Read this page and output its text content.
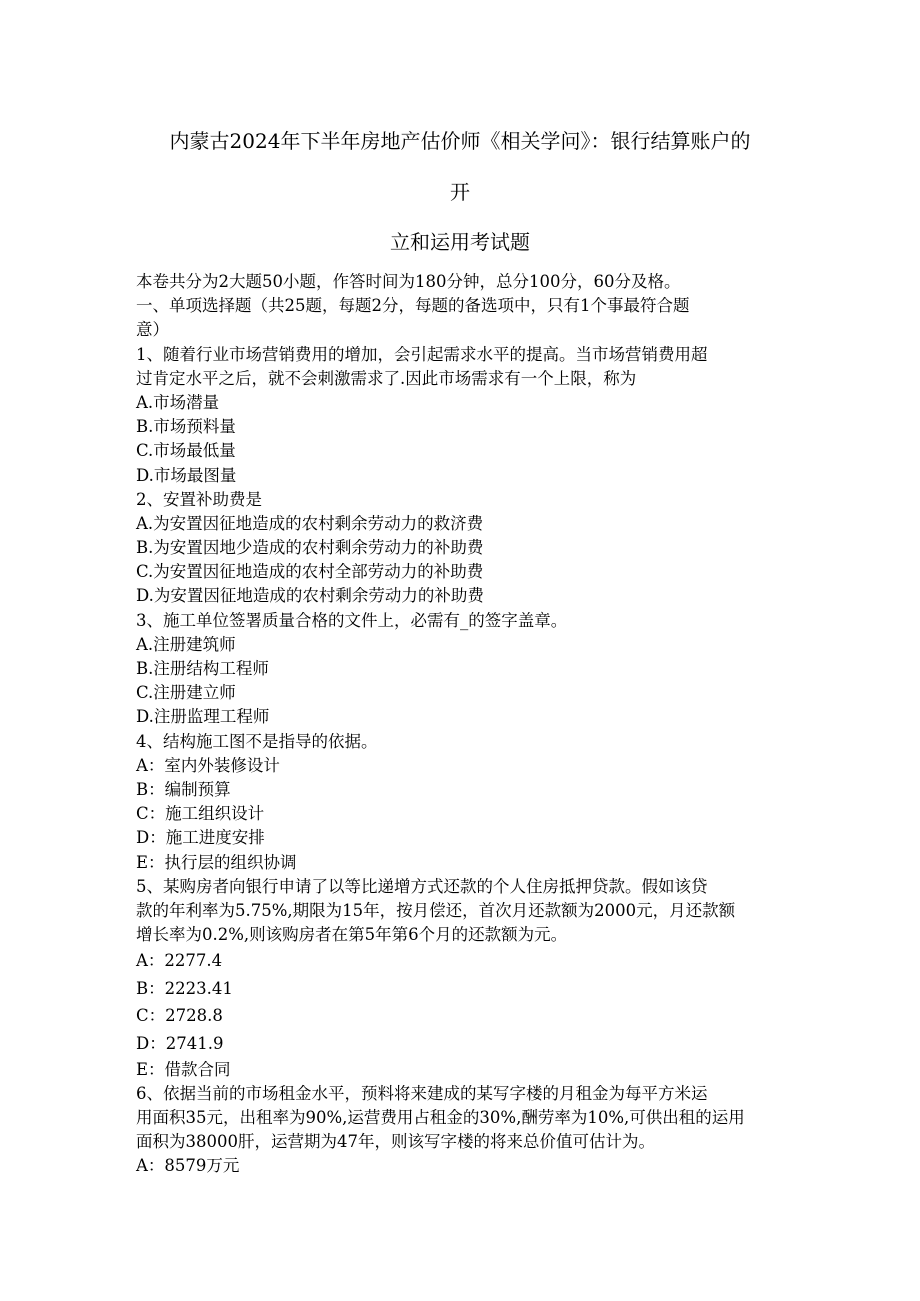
内蒙古2024年下半年房地产估价师《相关学问》：银行结算账户的
开
立和运用考试题
本卷共分为2大题50小题，作答时间为180分钟，总分100分，60分及格。
一、单项选择题（共25题，每题2分，每题的备选项中，只有1个事最符合题
意）
1、随着行业市场营销费用的增加，会引起需求水平的提高。当市场营销费用超
过肯定水平之后，就不会刺激需求了.因此市场需求有一个上限，称为
A.市场潜量
B.市场预料量
C.市场最低量
D.市场最图量
2、安置补助费是
A.为安置因征地造成的农村剩余劳动力的救济费
B.为安置因地少造成的农村剩余劳动力的补助费
C.为安置因征地造成的农村全部劳动力的补助费
D.为安置因征地造成的农村剩余劳动力的补助费
3、施工单位签署质量合格的文件上，必需有_的签字盖章。
A.注册建筑师
B.注册结构工程师
C.注册建立师
D.注册监理工程师
4、结构施工图不是指导的依据。
A：室内外装修设计
B：编制预算
C：施工组织设计
D：施工进度安排
E：执行层的组织协调
5、某购房者向银行申请了以等比递增方式还款的个人住房抵押贷款。假如该贷
款的年利率为5.75%,期限为15年，按月偿还，首次月还款额为2000元，月还款额
增长率为0.2%,则该购房者在第5年第6个月的还款额为元。
A：2277.4
B：2223.41
C：2728.8
D：2741.9
E：借款合同
6、依据当前的市场租金水平，预料将来建成的某写字楼的月租金为每平方米运
用面积35元，出租率为90%,运营费用占租金的30%,酬劳率为10%,可供出租的运用
面积为38000肝，运营期为47年，则该写字楼的将来总价值可估计为。
A：8579万元
